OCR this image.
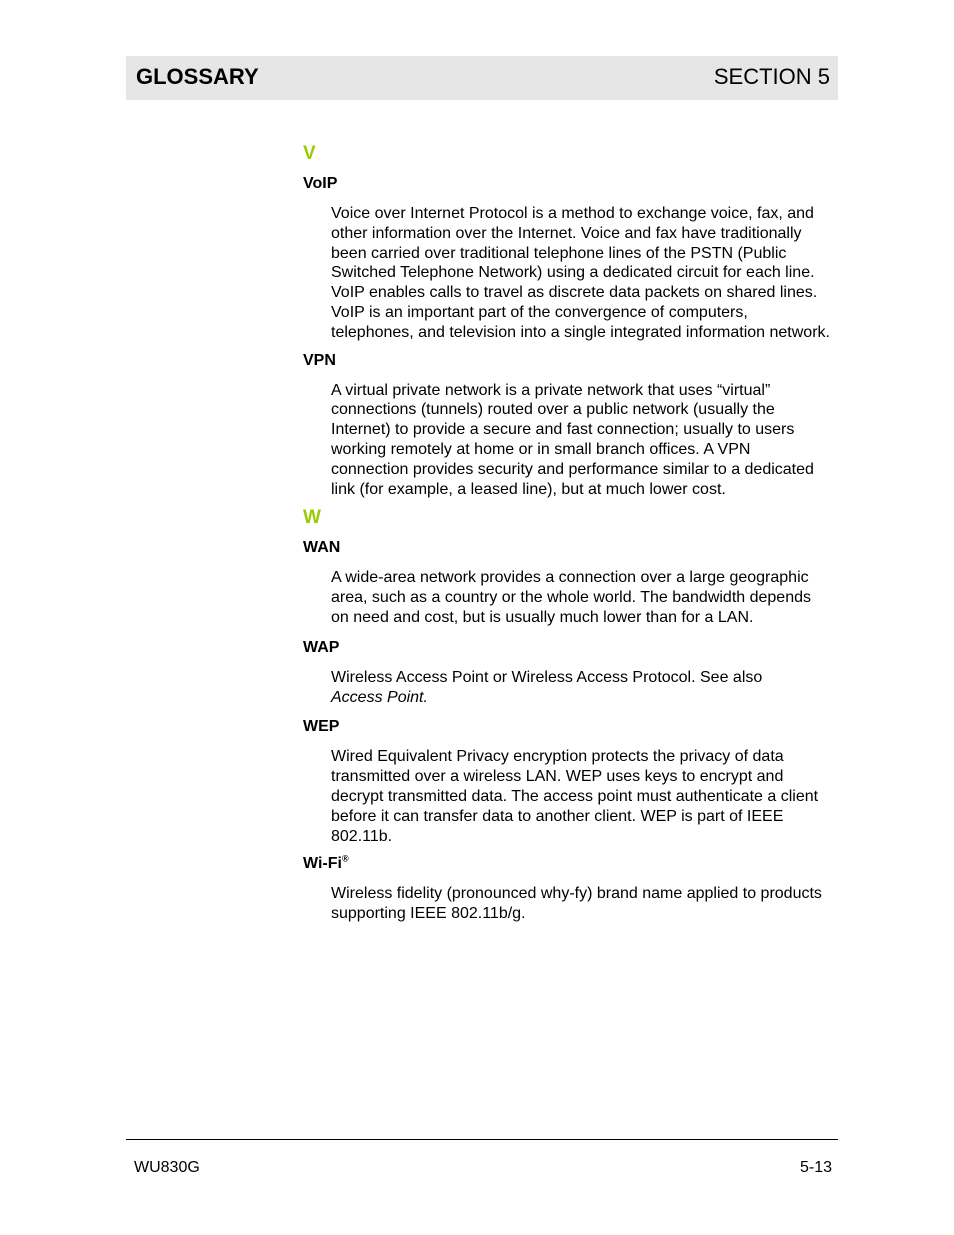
GLOSSARY	SECTION 5
V
VoIP
Voice over Internet Protocol is a method to exchange voice, fax, and other information over the Internet. Voice and fax have traditionally been carried over traditional telephone lines of the PSTN (Public Switched Telephone Network) using a dedicated circuit for each line. VoIP enables calls to travel as discrete data packets on shared lines. VoIP is an important part of the convergence of computers, telephones, and television into a single integrated information network.
VPN
A virtual private network is a private network that uses “virtual” connections (tunnels) routed over a public network (usually the Internet) to provide a secure and fast connection; usually to users working remotely at home or in small branch offices. A VPN connection provides security and performance similar to a dedicated link (for example, a leased line), but at much lower cost.
W
WAN
A wide-area network provides a connection over a large geographic area, such as a country or the whole world. The bandwidth depends on need and cost, but is usually much lower than for a LAN.
WAP
Wireless Access Point or Wireless Access Protocol. See also
Access Point.
WEP
Wired Equivalent Privacy encryption protects the privacy of data transmitted over a wireless LAN. WEP uses keys to encrypt and decrypt transmitted data. The access point must authenticate a client before it can transfer data to another client. WEP is part of IEEE 802.11b.
Wi-Fi®
Wireless fidelity (pronounced why-fy) brand name applied to products supporting IEEE 802.11b/g.
WU830G	5-13
